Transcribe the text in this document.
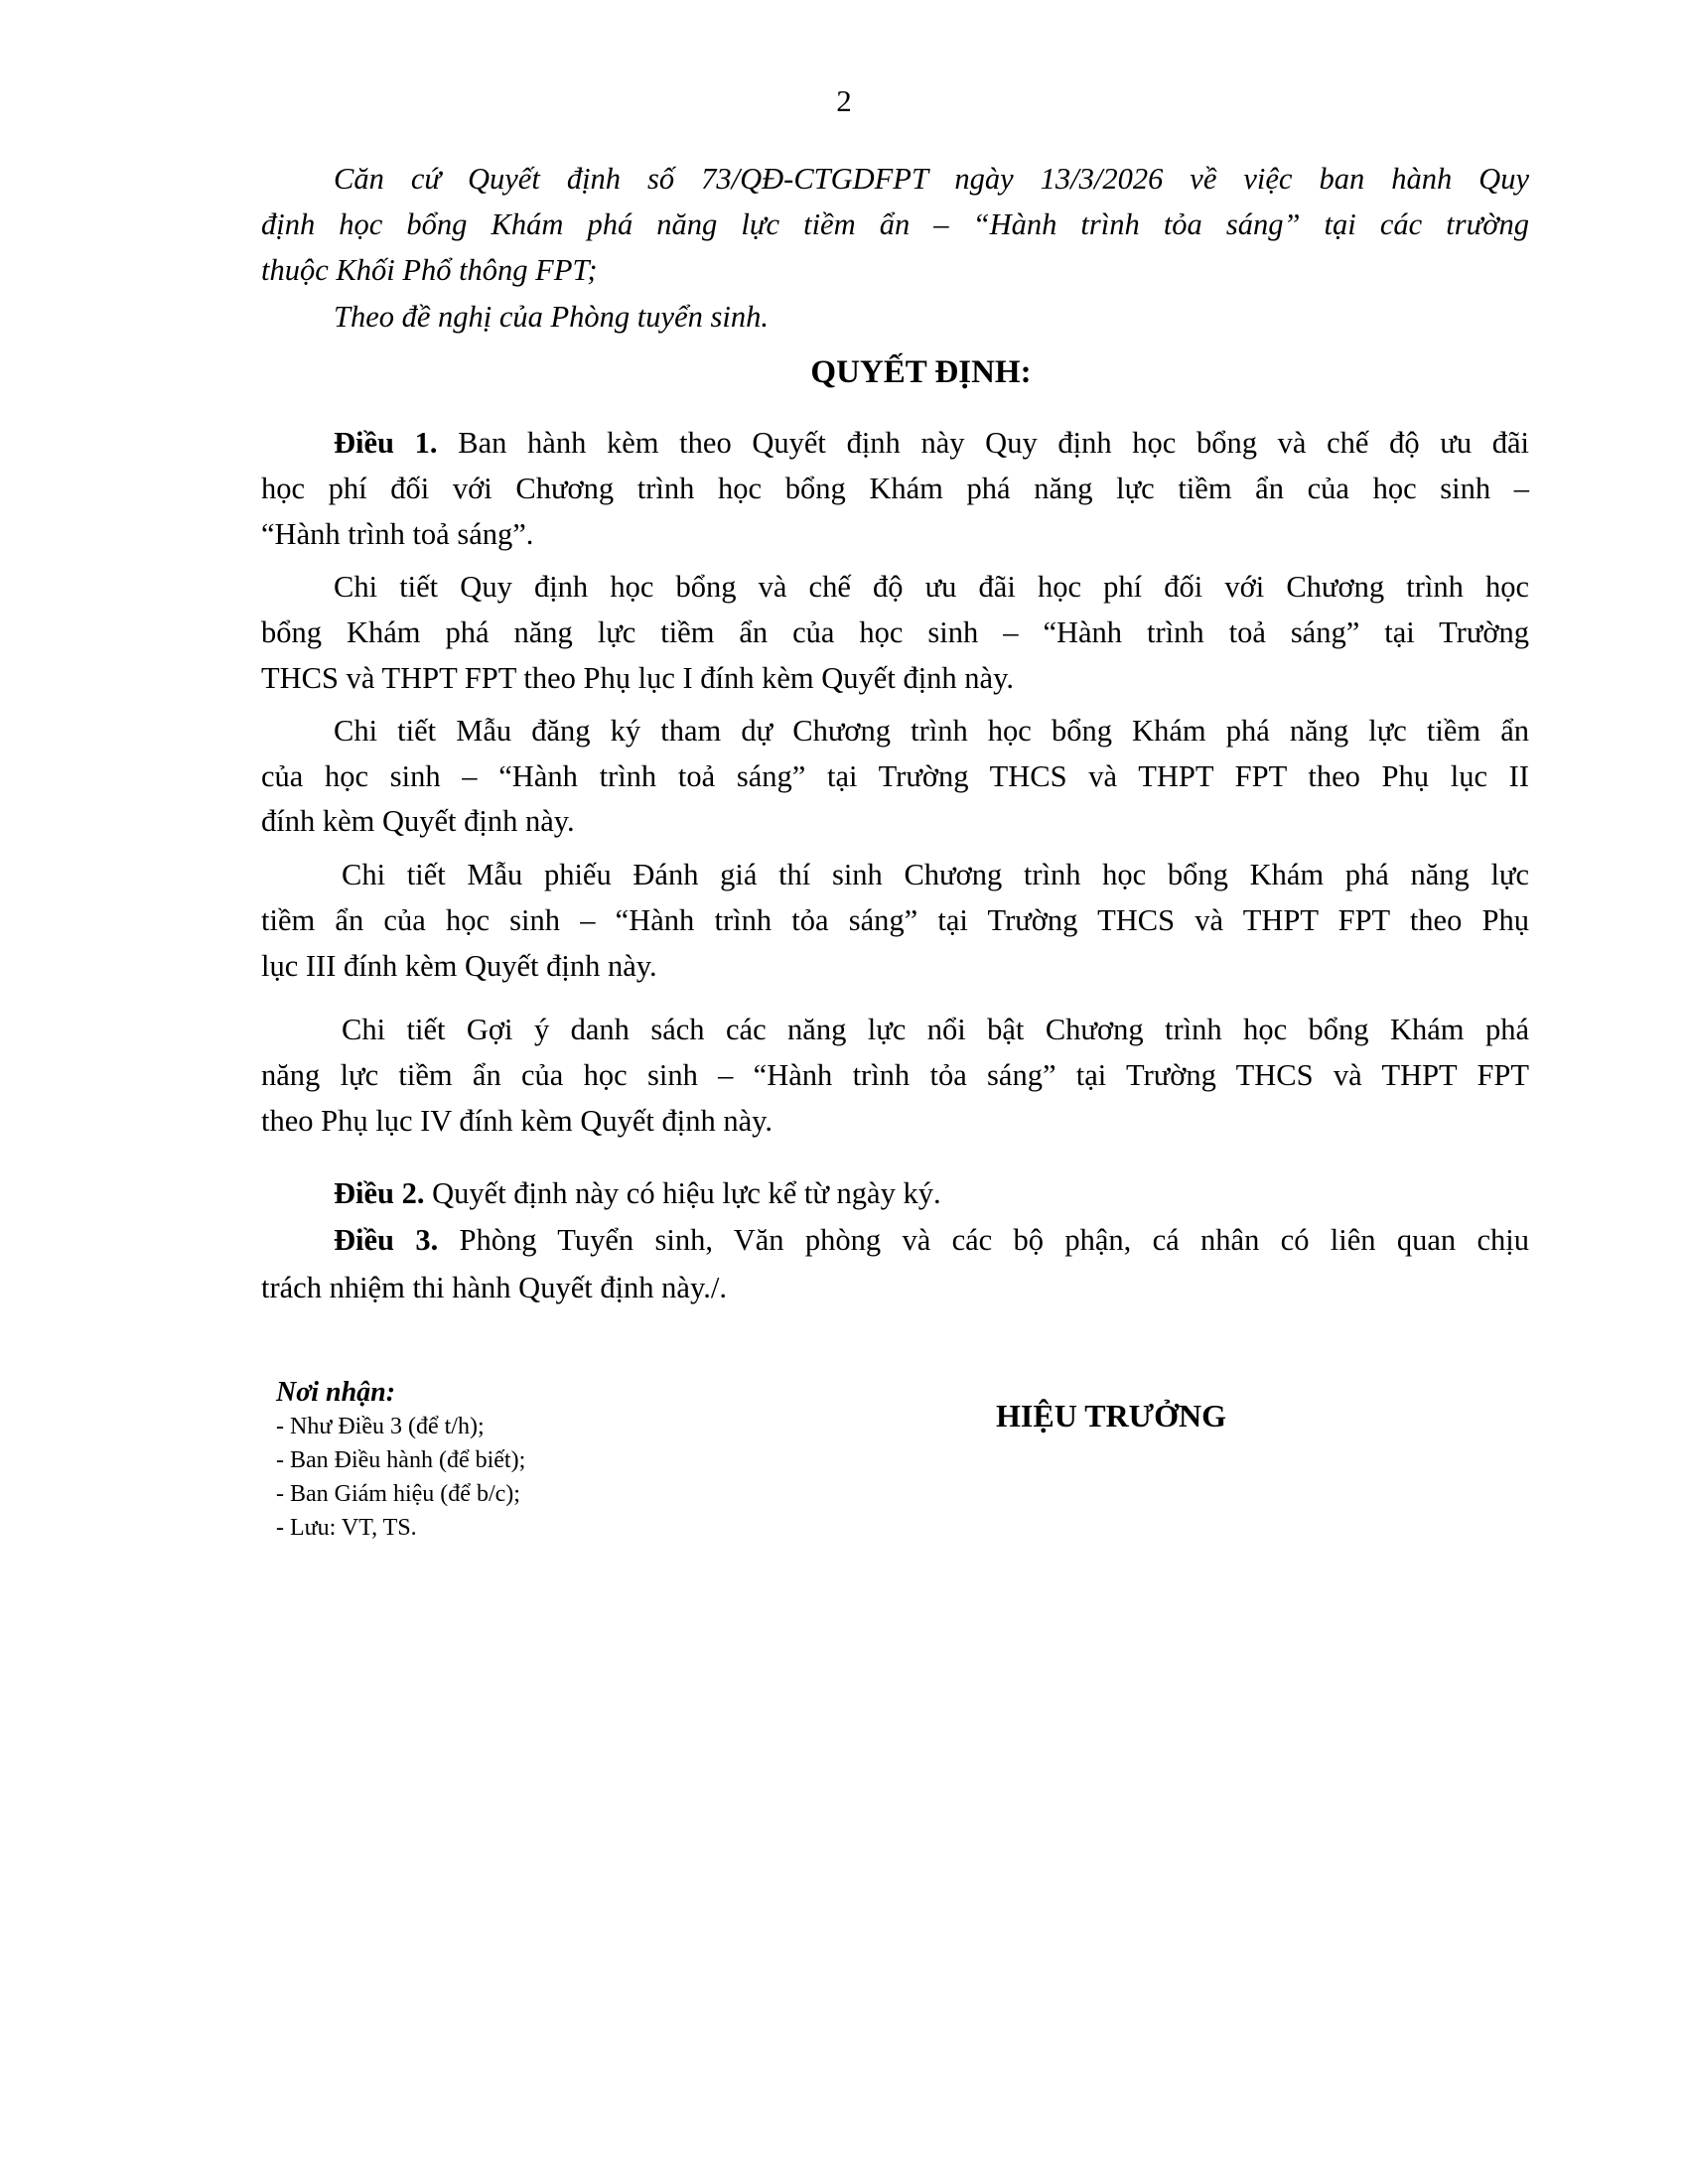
2
Căn cứ Quyết định số 73/QĐ-CTGDFPT ngày 13/3/2026 về việc ban hành Quy
định học bổng Khám phá năng lực tiềm ẩn – “Hành trình tỏa sáng” tại các trường
thuộc Khối Phổ thông FPT;
Theo đề nghị của Phòng tuyển sinh.
QUYẾT ĐỊNH:
Điều 1. Ban hành kèm theo Quyết định này Quy định học bổng và chế độ ưu đãi
học phí đối với Chương trình học bổng Khám phá năng lực tiềm ẩn của học sinh –
“Hành trình toả sáng”.
Chi tiết Quy định học bổng và chế độ ưu đãi học phí đối với Chương trình học
bổng Khám phá năng lực tiềm ẩn của học sinh – “Hành trình toả sáng” tại Trường
THCS và THPT FPT theo Phụ lục I đính kèm Quyết định này.
Chi tiết Mẫu đăng ký tham dự Chương trình học bổng Khám phá năng lực tiềm ẩn
của học sinh – “Hành trình toả sáng” tại Trường THCS và THPT FPT theo Phụ lục II
đính kèm Quyết định này.
Chi tiết Mẫu phiếu Đánh giá thí sinh Chương trình học bổng Khám phá năng lực
tiềm ẩn của học sinh – “Hành trình tỏa sáng” tại Trường THCS và THPT FPT theo Phụ
lục III đính kèm Quyết định này.
Chi tiết Gợi ý danh sách các năng lực nổi bật Chương trình học bổng Khám phá
năng lực tiềm ẩn của học sinh – “Hành trình tỏa sáng” tại Trường THCS và THPT FPT
theo Phụ lục IV đính kèm Quyết định này.
Điều 2. Quyết định này có hiệu lực kể từ ngày ký.
Điều 3. Phòng Tuyển sinh, Văn phòng và các bộ phận, cá nhân có liên quan chịu
trách nhiệm thi hành Quyết định này./.
Nơi nhận:
- Như Điều 3 (để t/h);
- Ban Điều hành (để biết);
- Ban Giám hiệu (để b/c);
- Lưu: VT, TS.
HIỆU TRƯỞNG
